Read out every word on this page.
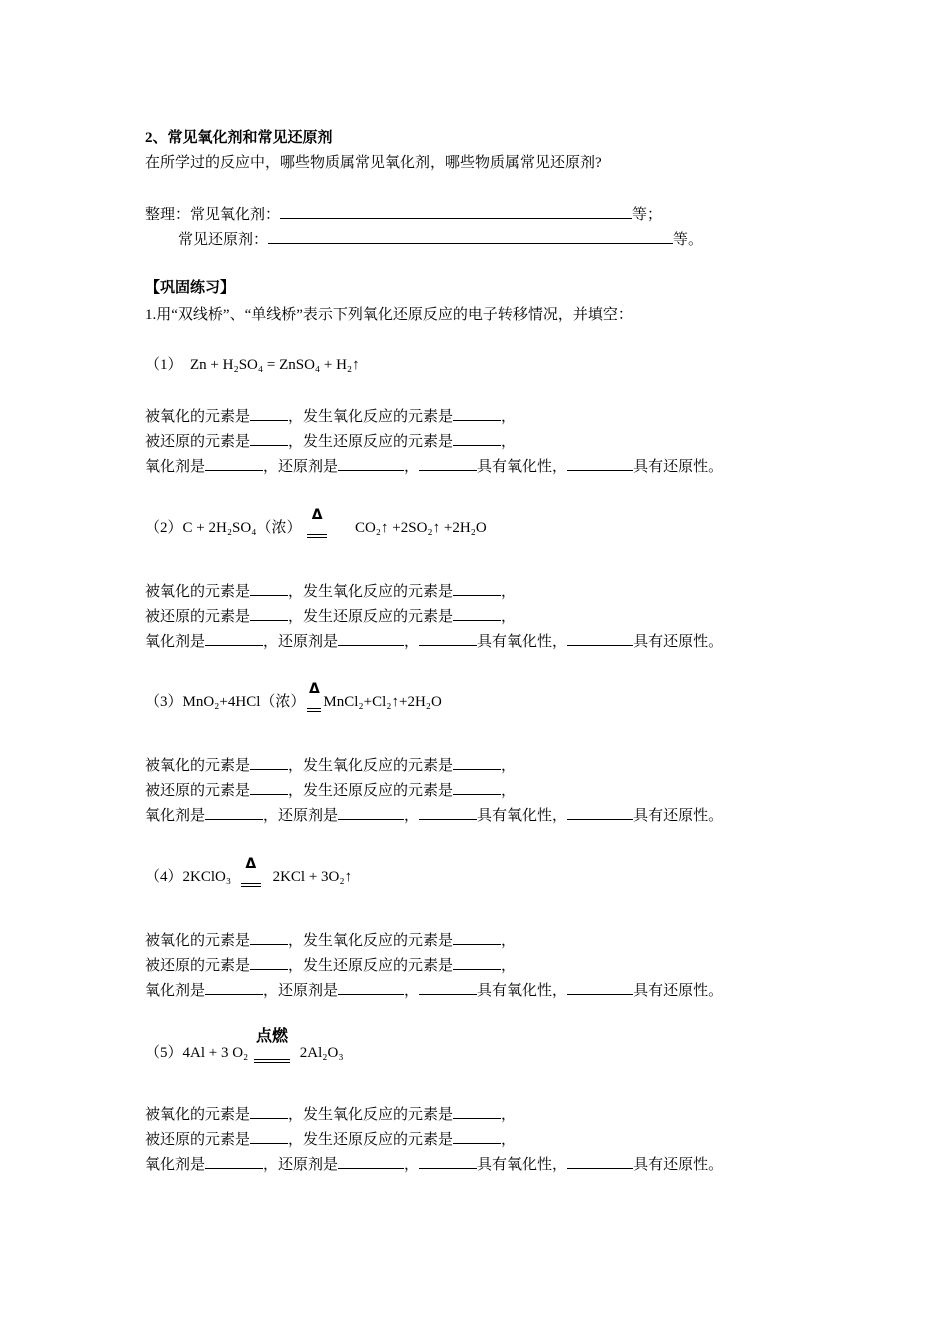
2、常见氧化剂和常见还原剂
在所学过的反应中，哪些物质属常见氧化剂，哪些物质属常见还原剂?
整理：常见氧化剂：	等；
常见还原剂：	等。
【巩固练习】
1.用“双线桥”、“单线桥”表示下列氧化还原反应的电子转移情况，并填空：
（1） Zn + H₂SO₄ = ZnSO₄ + H₂↑
被氧化的元素是	，发生氧化反应的元素是	，
被还原的元素是	，发生还原反应的元素是	，
氧化剂是	，还原剂是	，	具有氧化性，	具有还原性。
（2）C + 2H₂SO₄（浓）
Δ
CO₂↑ +2SO₂↑ +2H₂O
被氧化的元素是	，发生氧化反应的元素是	，
被还原的元素是	，发生还原反应的元素是	，
氧化剂是	，还原剂是	，	具有氧化性，	具有还原性。
（3）MnO₂+4HCl（浓）
Δ
MnCl₂+Cl₂↑+2H₂O
被氧化的元素是	，发生氧化反应的元素是	，
被还原的元素是	，发生还原反应的元素是	，
氧化剂是	，还原剂是	，	具有氧化性，	具有还原性。
（4）2KClO₃
Δ
2KCl + 3O₂↑
被氧化的元素是	，发生氧化反应的元素是	，
被还原的元素是	，发生还原反应的元素是	，
氧化剂是	，还原剂是	，	具有氧化性，	具有还原性。
（5）4Al + 3 O₂
点燃
2Al₂O₃
被氧化的元素是	，发生氧化反应的元素是	，
被还原的元素是	，发生还原反应的元素是	，
氧化剂是	，还原剂是	，	具有氧化性，	具有还原性。
